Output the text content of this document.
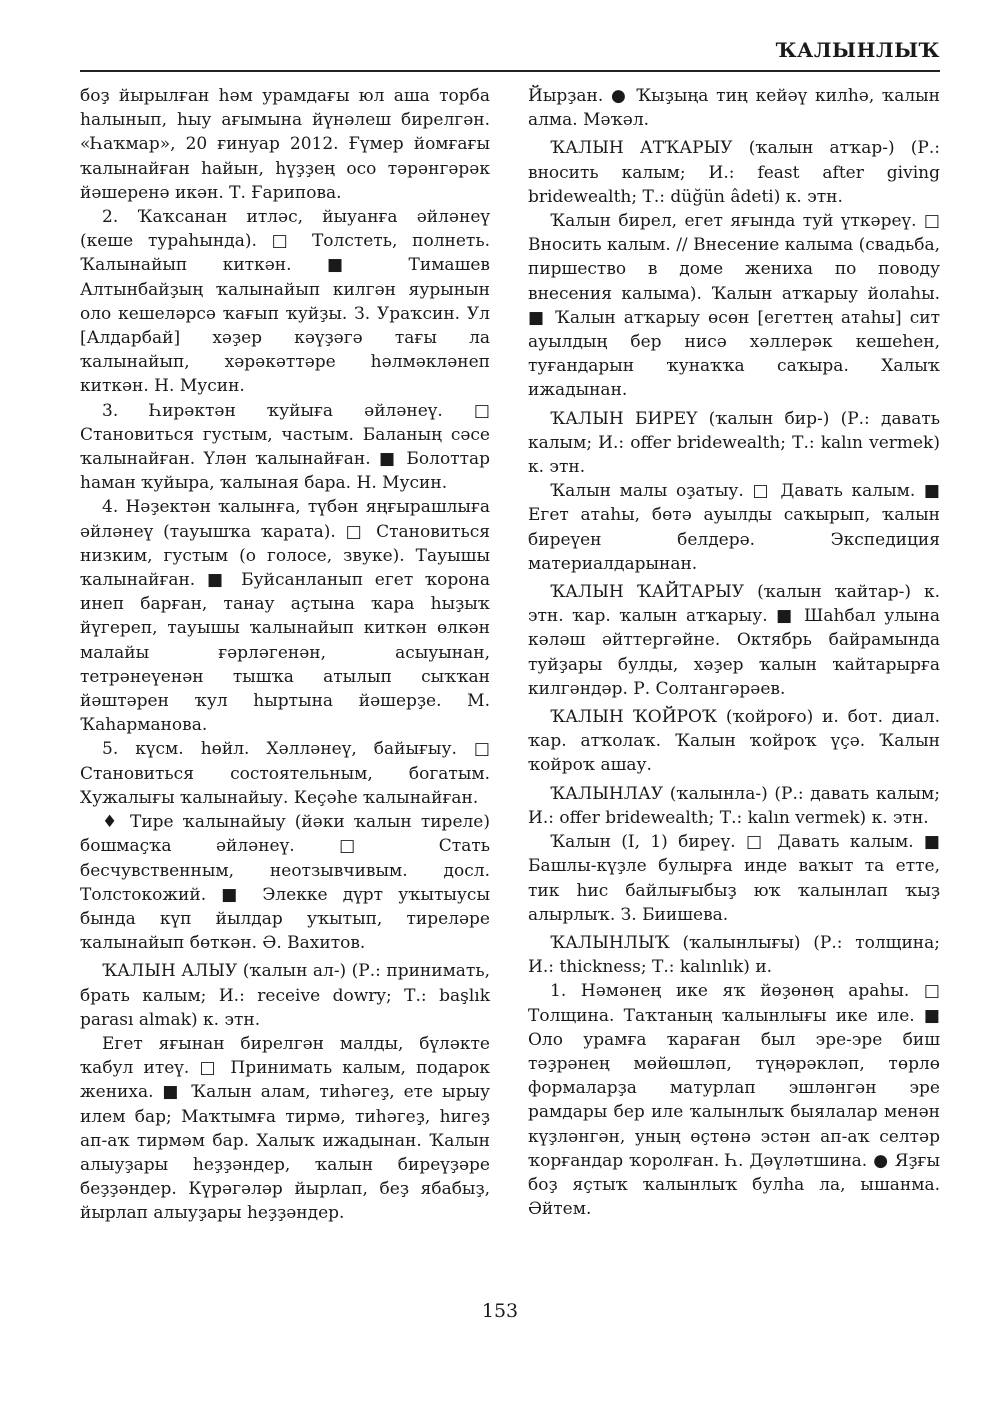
ҠАЛЫНЛЫҠ

боҙ йырылған һәм урамдағы юл аша торба һалынып, һыу ағымына йүнәлеш бирелгән. «Һаҡмар», 20 ғинуар 2012. Ғүмер йомғағы ҡалынайған һайын, һүҙҙең осо тәрәнгәрәк йәшеренә икән. Т. Ғарипова.

2. Ҡаҡсанан итләс, йыуанға әйләнеү (кеше тураһында). □ Толстеть, полнеть. Ҡалынайып киткән. ■ Тимашев Алтынбайҙың ҡалынайып килгән яурынын оло кешеләрсә ҡағып ҡуйҙы. З. Ураҡсин. Ул [Алдарбай] хәҙер кәүҙәгә тағы ла ҡалынайып, хәрәкәттәре һәлмәкләнеп киткән. Н. Мусин.

3. Һирәктән ҡуйыға әйләнеү. □ Становиться густым, частым. Баланың сәсе ҡалынайған. Үлән ҡалынайған. ■ Болоттар һаман ҡуйыра, ҡалыная бара. Н. Мусин.

4. Нәҙектән ҡалынға, түбән яңғырашлыға әйләнеү (тауышҡа ҡарата). □ Становиться низким, густым (о голосе, звуке). Тауышы ҡалынайған. ■ Буйсанланып егет ҡорона инеп барған, танау аҫтына ҡара һыҙыҡ йүгереп, тауышы ҡалынайып киткән өлкән малайы ғәрләгенән, асыуынан, тетрәнеүенән тышҡа атылып сыҡҡан йәштәрен ҡул һыртына йәшерҙе. М. Ҡаһарманова.

5. күсм. һөйл. Хәлләнеү, байығыу. □ Становиться состоятельным, богатым. Хужалығы ҡалынайыу. Кеҫәһе ҡалынайған.

♦ Тире ҡалынайыу (йәки ҡалын тиреле) бошмаҫҡа әйләнеү. □ Стать бесчувственным, неотзывчивым. досл. Толстокожий. ■ Элекке дүрт уҡытыусы бында күп йылдар уҡытып, тиреләре ҡалынайып бөткән. Ә. Вахитов.

ҠАЛЫН АЛЫУ (ҡалын ал-) (Р.: принимать, брать калым; И.: receive dowry; Т.: başlık parası almak) к. этн.

Егет яғынан бирелгән малды, бүләкте ҡабул итеү. □ Принимать калым, подарок жениха. ■ Ҡалын алам, тиһәгеҙ, ете ырыу илем бар; Маҡтымға тирмә, тиһәгеҙ, һигеҙ ап-аҡ тирмәм бар. Халыҡ ижадынан. Ҡалын алыуҙары һеҙҙәндер, ҡалын биреүҙәре беҙҙәндер. Күрәгәләр йырлап, беҙ ябабыҙ, йырлап алыуҙары һеҙҙәндер.

Йырҙан. ● Ҡыҙыңа тиң кейәү килһә, ҡалын алма. Мәҡәл.

ҠАЛЫН АТҠАРЫУ (ҡалын атҡар-) (Р.: вносить калым; И.: feast after giving bridewealth; Т.: düğün âdeti) к. этн.

Ҡалын бирел, егет яғында туй үткәреү. □ Вносить калым. // Внесение калыма (свадьба, пиршество в доме жениха по поводу внесения калыма). Ҡалын атҡарыу йолаһы. ■ Ҡалын атҡарыу өсөн [егеттең атаһы] сит ауылдың бер нисә хәллерәк кешеһен, туғандарын ҡунаҡҡа саҡыра. Халыҡ ижадынан.

ҠАЛЫН БИРЕҮ (ҡалын бир-) (Р.: давать калым; И.: offer bridewealth; Т.: kalın vermek) к. этн.

Ҡалын малы оҙатыу. □ Давать калым. ■ Егет атаһы, бөтә ауылды саҡырып, ҡалын биреүен белдерә. Экспедиция материалдарынан.

ҠАЛЫН ҠАЙТАРЫУ (ҡалын ҡайтар-) к. этн. ҡар. ҡалын атҡарыу. ■ Шаһбал улына кәләш әйттергәйне. Октябрь байрамында туйҙары булды, хәҙер ҡалын ҡайтарырға килгәндәр. Р. Солтангәрәев.

ҠАЛЫН ҠОЙРОҠ (ҡойроғо) и. бот. диал. ҡар. атҡолаҡ. Ҡалын ҡойроҡ үҫә. Ҡалын ҡойроҡ ашау.

ҠАЛЫНЛАУ (ҡалынла-) (Р.: давать калым; И.: offer bridewealth; Т.: kalın vermek) к. этн.

Ҡалын (I, 1) биреү. □ Давать калым. ■ Башлы-күҙле булырға инде ваҡыт та етте, тик һис байлығыбыҙ юҡ ҡалынлап ҡыҙ алырлыҡ. З. Биишева.

ҠАЛЫНЛЫҠ (ҡалынлығы) (Р.: толщина; И.: thickness; Т.: kalınlık) и.

1. Нәмәнең ике яҡ йөҙөнөң араһы. □ Толщина. Таҡтаның ҡалынлығы ике иле. ■ Оло урамға ҡараған был эре-эре биш тәҙрәнең мөйөшләп, түңәрәкләп, төрлө формаларҙа матурлап эшләнгән эре рамдары бер иле ҡалынлыҡ быялалар менән күҙләнгән, уның өҫтөнә эстән ап-аҡ селтәр ҡорғандар ҡоролған. Һ. Дәүләтшина. ● Яҙғы боҙ яҫтыҡ ҡалынлыҡ булһа ла, ышанма. Әйтем.

153
